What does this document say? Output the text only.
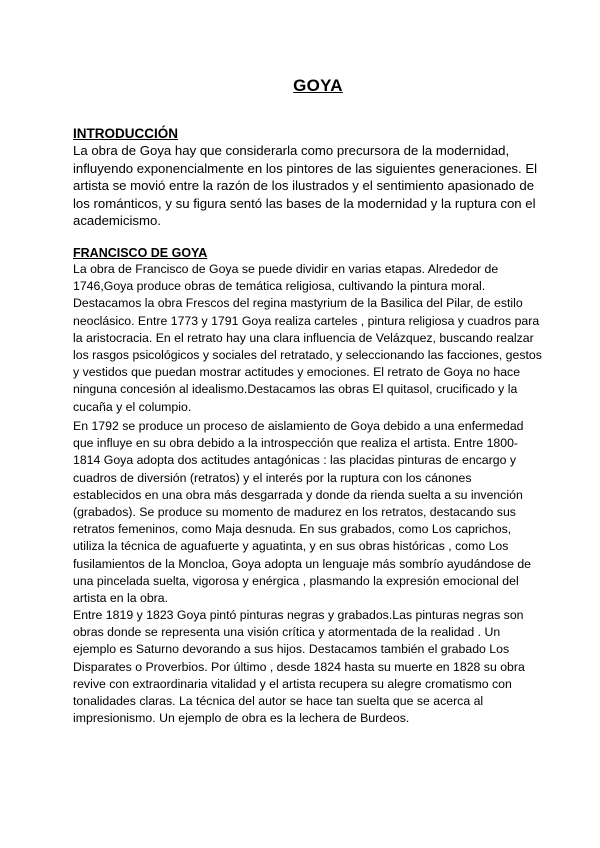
GOYA
INTRODUCCIÓN

La obra de Goya hay que considerarla como precursora de la modernidad, influyendo exponencialmente en los pintores de las siguientes generaciones. El artista se movió entre la razón de los ilustrados y el sentimiento apasionado de los románticos, y su figura sentó las bases de la modernidad y la ruptura con el academicismo.

FRANCISCO DE GOYA

La obra de Francisco de Goya se puede dividir en varias etapas. Alrededor de 1746,Goya produce obras de temática religiosa, cultivando la pintura moral. Destacamos la obra Frescos del regina mastyrium de la Basilica del Pilar, de estilo neoclásico. Entre 1773 y 1791 Goya realiza carteles , pintura religiosa y cuadros para la aristocracia. En el retrato hay una clara influencia de Velázquez, buscando realzar los rasgos psicológicos y sociales del retratado, y seleccionando las facciones, gestos y vestidos que puedan mostrar actitudes y emociones. El retrato de Goya no hace ninguna concesión al idealismo.Destacamos las obras El quitasol, crucificado y la cucaña y el columpio.

En 1792 se produce un proceso de aislamiento de Goya debido a una enfermedad que influye en su obra debido a la introspección que realiza el artista. Entre 1800-1814 Goya adopta dos actitudes antagónicas : las placidas pinturas de encargo y cuadros de diversión (retratos) y el interés por la ruptura con los cánones establecidos en una obra más desgarrada y donde da rienda suelta a su invención (grabados). Se produce su momento de madurez en los retratos, destacando sus retratos femeninos, como Maja desnuda. En sus grabados, como Los caprichos, utiliza la técnica de aguafuerte y aguatinta, y en sus obras históricas , como Los fusilamientos de la Moncloa, Goya adopta un lenguaje más sombrío ayudándose de una pincelada suelta, vigorosa y enérgica , plasmando la expresión emocional del artista en la obra.

Entre 1819 y 1823 Goya pintó pinturas negras y grabados.Las pinturas negras son obras donde se representa una visión crítica y atormentada de la realidad . Un ejemplo es Saturno devorando a sus hijos. Destacamos también el grabado Los Disparates o Proverbios. Por último , desde 1824 hasta su muerte en 1828 su obra revive con extraordinaria vitalidad y el artista recupera su alegre cromatismo con tonalidades claras. La técnica del autor se hace tan suelta que se acerca al impresionismo. Un ejemplo de obra es la lechera de Burdeos.
